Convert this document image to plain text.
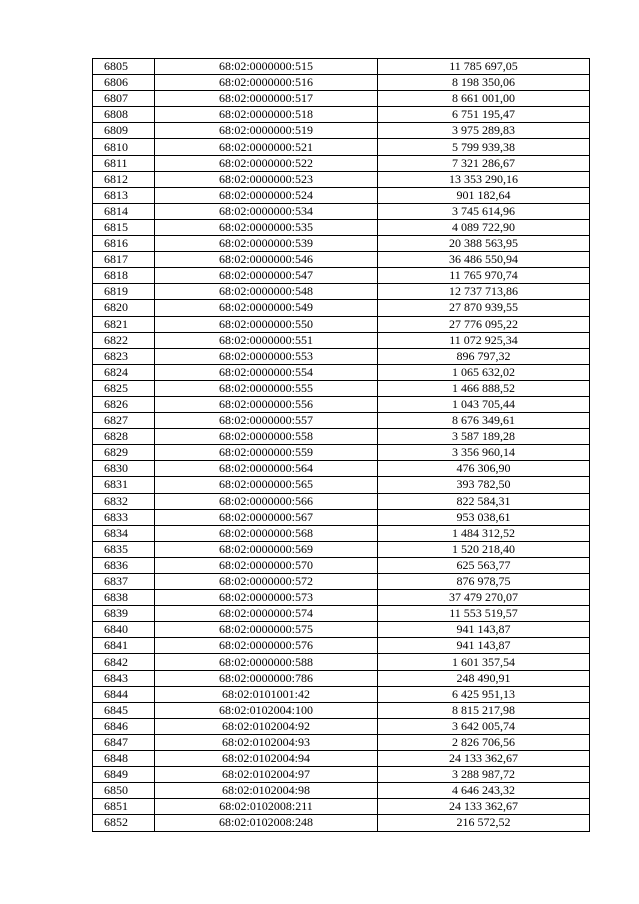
6805	68:02:0000000:515	11 785 697,05
6806	68:02:0000000:516	8 198 350,06
6807	68:02:0000000:517	8 661 001,00
6808	68:02:0000000:518	6 751 195,47
6809	68:02:0000000:519	3 975 289,83
6810	68:02:0000000:521	5 799 939,38
6811	68:02:0000000:522	7 321 286,67
6812	68:02:0000000:523	13 353 290,16
6813	68:02:0000000:524	901 182,64
6814	68:02:0000000:534	3 745 614,96
6815	68:02:0000000:535	4 089 722,90
6816	68:02:0000000:539	20 388 563,95
6817	68:02:0000000:546	36 486 550,94
6818	68:02:0000000:547	11 765 970,74
6819	68:02:0000000:548	12 737 713,86
6820	68:02:0000000:549	27 870 939,55
6821	68:02:0000000:550	27 776 095,22
6822	68:02:0000000:551	11 072 925,34
6823	68:02:0000000:553	896 797,32
6824	68:02:0000000:554	1 065 632,02
6825	68:02:0000000:555	1 466 888,52
6826	68:02:0000000:556	1 043 705,44
6827	68:02:0000000:557	8 676 349,61
6828	68:02:0000000:558	3 587 189,28
6829	68:02:0000000:559	3 356 960,14
6830	68:02:0000000:564	476 306,90
6831	68:02:0000000:565	393 782,50
6832	68:02:0000000:566	822 584,31
6833	68:02:0000000:567	953 038,61
6834	68:02:0000000:568	1 484 312,52
6835	68:02:0000000:569	1 520 218,40
6836	68:02:0000000:570	625 563,77
6837	68:02:0000000:572	876 978,75
6838	68:02:0000000:573	37 479 270,07
6839	68:02:0000000:574	11 553 519,57
6840	68:02:0000000:575	941 143,87
6841	68:02:0000000:576	941 143,87
6842	68:02:0000000:588	1 601 357,54
6843	68:02:0000000:786	248 490,91
6844	68:02:0101001:42	6 425 951,13
6845	68:02:0102004:100	8 815 217,98
6846	68:02:0102004:92	3 642 005,74
6847	68:02:0102004:93	2 826 706,56
6848	68:02:0102004:94	24 133 362,67
6849	68:02:0102004:97	3 288 987,72
6850	68:02:0102004:98	4 646 243,32
6851	68:02:0102008:211	24 133 362,67
6852	68:02:0102008:248	216 572,52
